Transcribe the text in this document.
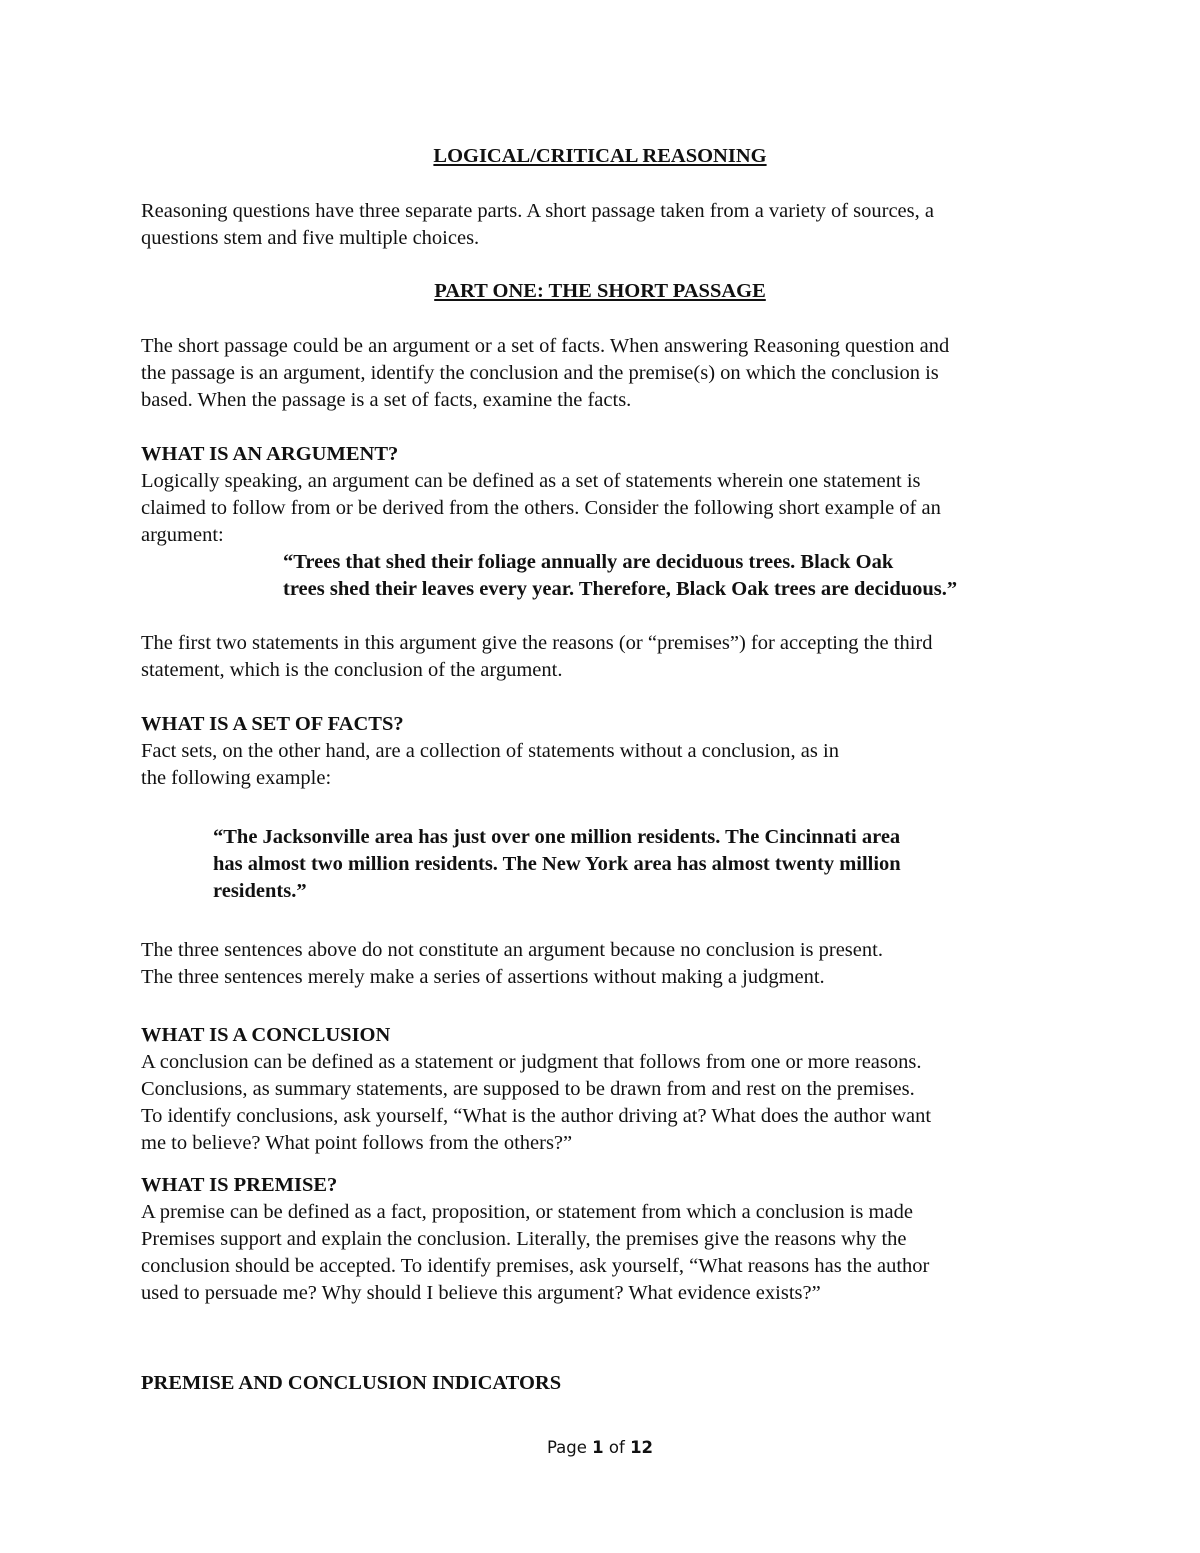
LOGICAL/CRITICAL REASONING

Reasoning questions have three separate parts. A short passage taken from a variety of sources, a
questions stem and five multiple choices.

PART ONE: THE SHORT PASSAGE

The short passage could be an argument or a set of facts. When answering Reasoning question and
the passage is an argument, identify the conclusion and the premise(s) on which the conclusion is
based. When the passage is a set of facts, examine the facts.

WHAT IS AN ARGUMENT?
Logically speaking, an argument can be defined as a set of statements wherein one statement is
claimed to follow from or be derived from the others. Consider the following short example of an
argument:

“Trees that shed their foliage annually are deciduous trees. Black Oak
trees shed their leaves every year. Therefore, Black Oak trees are deciduous.”

The first two statements in this argument give the reasons (or “premises”) for accepting the third
statement, which is the conclusion of the argument.

WHAT IS A SET OF FACTS?
Fact sets, on the other hand, are a collection of statements without a conclusion, as in
the following example:

“The Jacksonville area has just over one million residents. The Cincinnati area
has almost two million residents. The New York area has almost twenty million
residents.”

The three sentences above do not constitute an argument because no conclusion is present.
The three sentences merely make a series of assertions without making a judgment.

WHAT IS A CONCLUSION
A conclusion can be defined as a statement or judgment that follows from one or more reasons.
Conclusions, as summary statements, are supposed to be drawn from and rest on the premises.
To identify conclusions, ask yourself, “What is the author driving at? What does the author want
me to believe? What point follows from the others?”

WHAT IS PREMISE?
A premise can be defined as a fact, proposition, or statement from which a conclusion is made
Premises support and explain the conclusion. Literally, the premises give the reasons why the
conclusion should be accepted. To identify premises, ask yourself, “What reasons has the author
used to persuade me? Why should I believe this argument? What evidence exists?”

PREMISE AND CONCLUSION INDICATORS

Page 1 of 12
